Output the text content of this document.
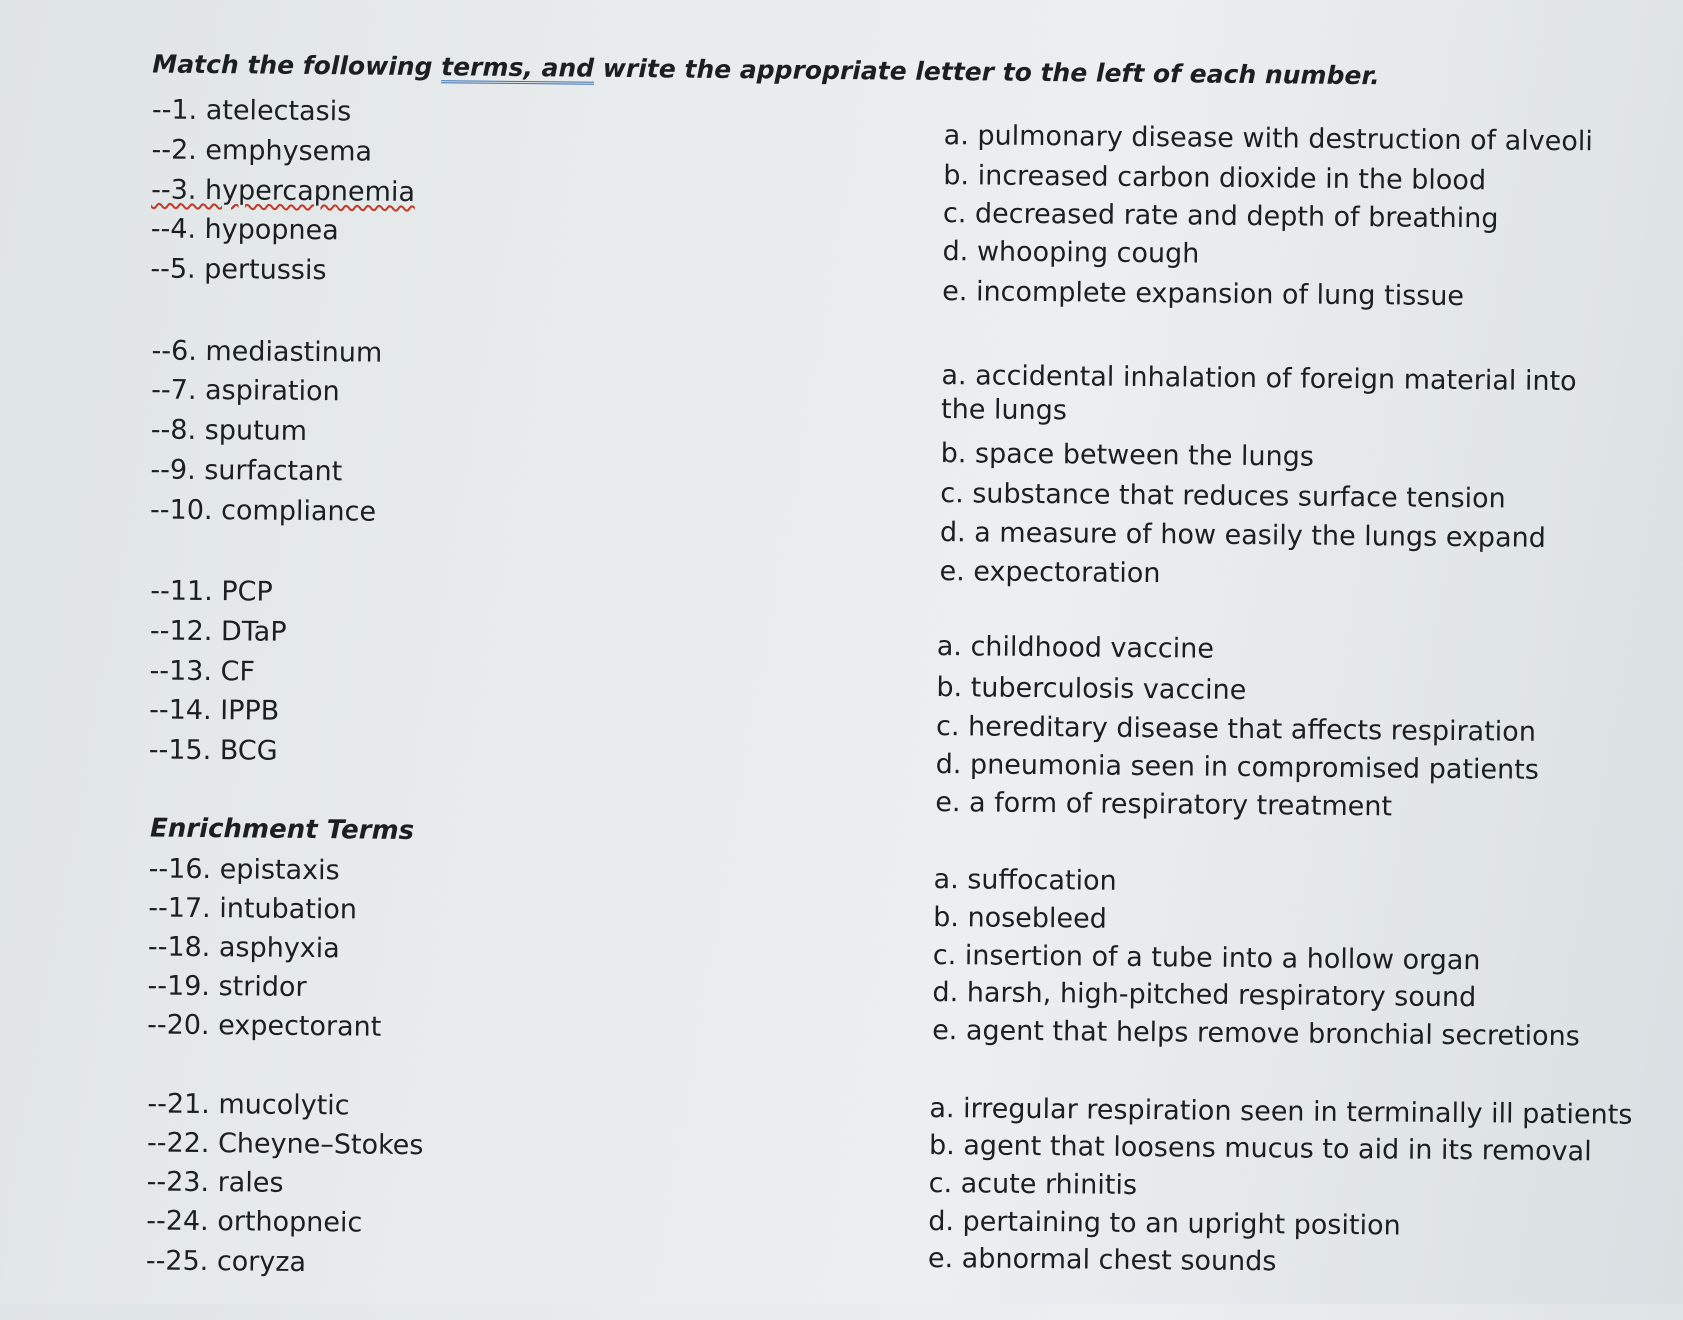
Match the following terms, and write the appropriate letter to the left of each number.
--1. atelectasis
--2. emphysema
--3. hypercapnemia
--4. hypopnea
--5. pertussis
a. pulmonary disease with destruction of alveoli
b. increased carbon dioxide in the blood
c. decreased rate and depth of breathing
d. whooping cough
e. incomplete expansion of lung tissue
--6. mediastinum
--7. aspiration
--8. sputum
--9. surfactant
--10. compliance
a. accidental inhalation of foreign material into the lungs
b. space between the lungs
c. substance that reduces surface tension
d. a measure of how easily the lungs expand
e. expectoration
--11. PCP
--12. DTaP
--13. CF
--14. IPPB
--15. BCG
a. childhood vaccine
b. tuberculosis vaccine
c. hereditary disease that affects respiration
d. pneumonia seen in compromised patients
e. a form of respiratory treatment
Enrichment Terms
--16. epistaxis
--17. intubation
--18. asphyxia
--19. stridor
--20. expectorant
a. suffocation
b. nosebleed
c. insertion of a tube into a hollow organ
d. harsh, high-pitched respiratory sound
e. agent that helps remove bronchial secretions
--21. mucolytic
--22. Cheyne–Stokes
--23. rales
--24. orthopneic
--25. coryza
a. irregular respiration seen in terminally ill patients
b. agent that loosens mucus to aid in its removal
c. acute rhinitis
d. pertaining to an upright position
e. abnormal chest sounds
